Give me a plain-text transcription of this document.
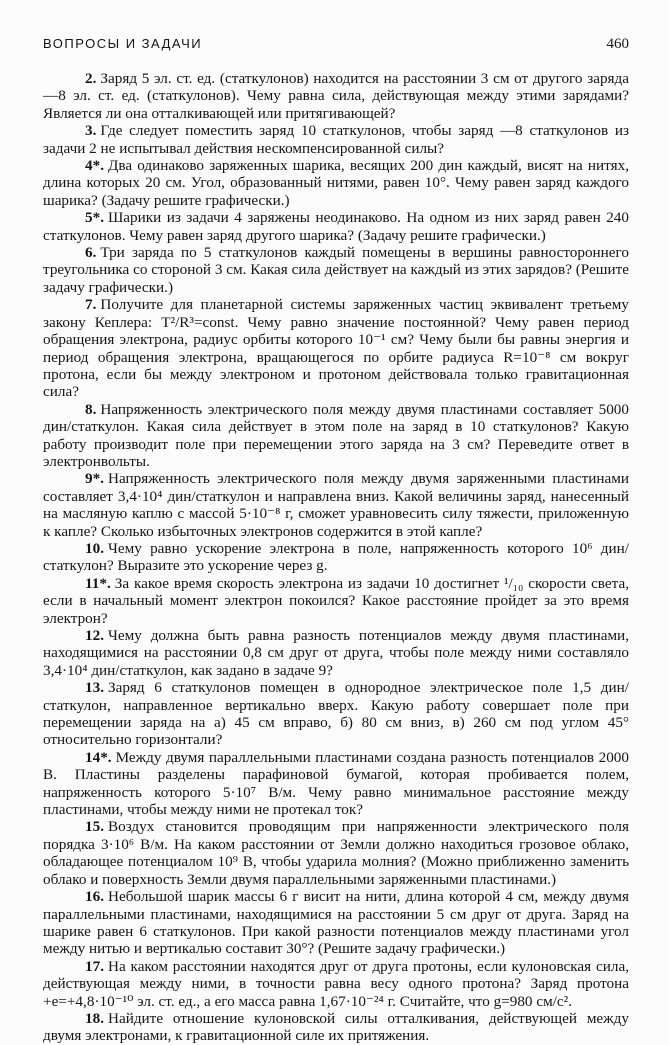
ВОПРОСЫ И ЗАДАЧИ	460

2. Заряд 5 эл. ст. ед. (статкулонов) находится на расстоянии 3 см от другого заряда—8 эл. ст. ед. (статкулонов). Чему равна сила, действующая между этими зарядами? Является ли она отталкивающей или притягивающей?

3. Где следует поместить заряд 10 статкулонов, чтобы заряд —8 статкулонов из задачи 2 не испытывал действия нескомпенсированной силы?

4*. Два одинаково заряженных шарика, весящих 200 дин каждый, висят на нитях, длина которых 20 см. Угол, образованный нитями, равен 10°. Чему равен заряд каждого шарика? (Задачу решите графически.)

5*. Шарики из задачи 4 заряжены неодинаково. На одном из них заряд равен 240 статкулонов. Чему равен заряд другого шарика? (Задачу решите графически.)

6. Три заряда по 5 статкулонов каждый помещены в вершины равностороннего треугольника со стороной 3 см. Какая сила действует на каждый из этих зарядов? (Решите задачу графически.)

7. Получите для планетарной системы заряженных частиц эквивалент третьему закону Кеплера: T²/R³=const. Чему равно значение постоянной? Чему равен период обращения электрона, радиус орбиты которого 10⁻¹ см? Чему были бы равны энергия и период обращения электрона, вращающегося по орбите радиуса R=10⁻⁸ см вокруг протона, если бы между электроном и протоном действовала только гравитационная сила?

8. Напряженность электрического поля между двумя пластинами составляет 5000 дин/статкулон. Какая сила действует в этом поле на заряд в 10 статкулонов? Какую работу производит поле при перемещении этого заряда на 3 см? Переведите ответ в электронвольты.

9*. Напряженность электрического поля между двумя заряженными пластинами составляет 3,4·10⁴ дин/статкулон и направлена вниз. Какой величины заряд, нанесенный на масляную каплю с массой 5·10⁻⁸ г, сможет уравновесить силу тяжести, приложенную к капле? Сколько избыточных электронов содержится в этой капле?

10. Чему равно ускорение электрона в поле, напряженность которого 10⁶ дин/статкулон? Выразите это ускорение через g.

11*. За какое время скорость электрона из задачи 10 достигнет ¹/₁₀ скорости света, если в начальный момент электрон покоился? Какое расстояние пройдет за это время электрон?

12. Чему должна быть равна разность потенциалов между двумя пластинами, находящимися на расстоянии 0,8 см друг от друга, чтобы поле между ними составляло 3,4·10⁴ дин/статкулон, как задано в задаче 9?

13. Заряд 6 статкулонов помещен в однородное электрическое поле 1,5 дин/статкулон, направленное вертикально вверх. Какую работу совершает поле при перемещении заряда на а) 45 см вправо, б) 80 см вниз, в) 260 см под углом 45° относительно горизонтали?

14*. Между двумя параллельными пластинами создана разность потенциалов 2000 В. Пластины разделены парафиновой бумагой, которая пробивается полем, напряженность которого 5·10⁷ В/м. Чему равно минимальное расстояние между пластинами, чтобы между ними не протекал ток?

15. Воздух становится проводящим при напряженности электрического поля порядка 3·10⁶ В/м. На каком расстоянии от Земли должно находиться грозовое облако, обладающее потенциалом 10⁹ В, чтобы ударила молния? (Можно приближенно заменить облако и поверхность Земли двумя параллельными заряженными пластинами.)

16. Небольшой шарик массы 6 г висит на нити, длина которой 4 см, между двумя параллельными пластинами, находящимися на расстоянии 5 см друг от друга. Заряд на шарике равен 6 статкулонов. При какой разности потенциалов между пластинами угол между нитью и вертикалью составит 30°? (Решите задачу графически.)

17. На каком расстоянии находятся друг от друга протоны, если кулоновская сила, действующая между ними, в точности равна весу одного протона? Заряд протона +e=+4,8·10⁻¹⁰ эл. ст. ед., а его масса равна 1,67·10⁻²⁴ г. Считайте, что g=980 см/с².

18. Найдите отношение кулоновской силы отталкивания, действующей между двумя электронами, к гравитационной силе их притяжения.
